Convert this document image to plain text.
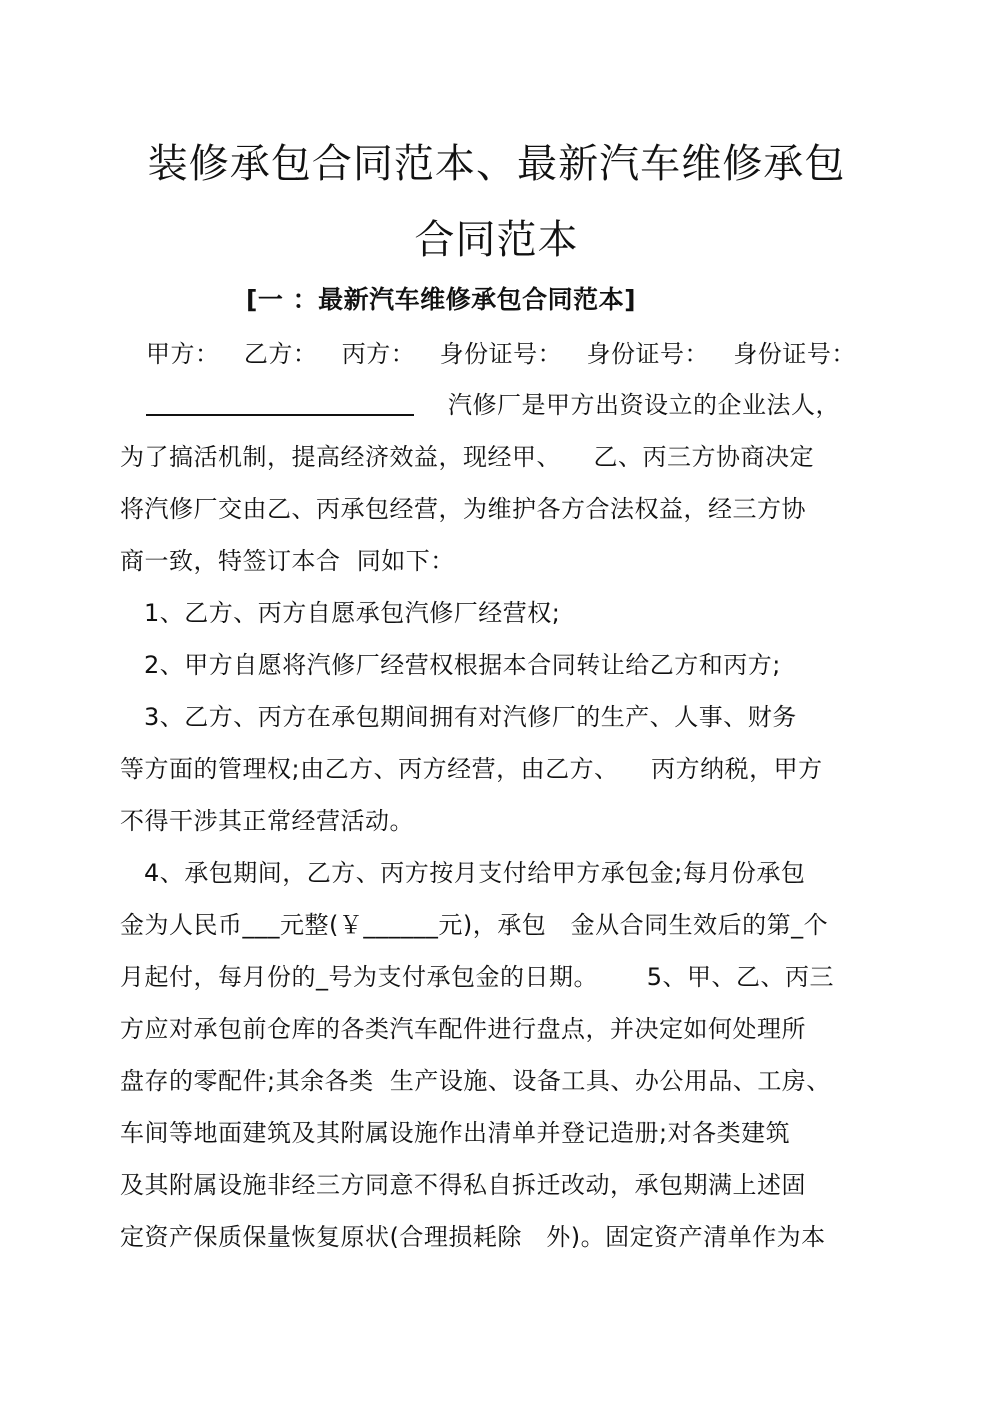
装修承包合同范本、最新汽车维修承包
合同范本
[一 ：最新汽车维修承包合同范本]
甲方：   乙方：   丙方：   身份证号：   身份证号：   身份证号：
汽修厂是甲方出资设立的企业法人，
为了搞活机制，提高经济效益，现经甲、    乙、丙三方协商决定
将汽修厂交由乙、丙承包经营，为维护各方合法权益，经三方协
商一致，特签订本合  同如下：
1、乙方、丙方自愿承包汽修厂经营权;
2、甲方自愿将汽修厂经营权根据本合同转让给乙方和丙方;
3、乙方、丙方在承包期间拥有对汽修厂的生产、人事、财务
等方面的管理权;由乙方、丙方经营，由乙方、    丙方纳税，甲方
不得干涉其正常经营活动。
4、承包期间，乙方、丙方按月支付给甲方承包金;每月份承包
金为人民币___元整(￥______元)，承包   金从合同生效后的第_个
月起付，每月份的_号为支付承包金的日期。      5、甲、乙、丙三
方应对承包前仓库的各类汽车配件进行盘点，并决定如何处理所
盘存的零配件;其余各类  生产设施、设备工具、办公用品、工房、
车间等地面建筑及其附属设施作出清单并登记造册;对各类建筑
及其附属设施非经三方同意不得私自拆迁改动，承包期满上述固
定资产保质保量恢复原状(合理损耗除   外)。固定资产清单作为本
